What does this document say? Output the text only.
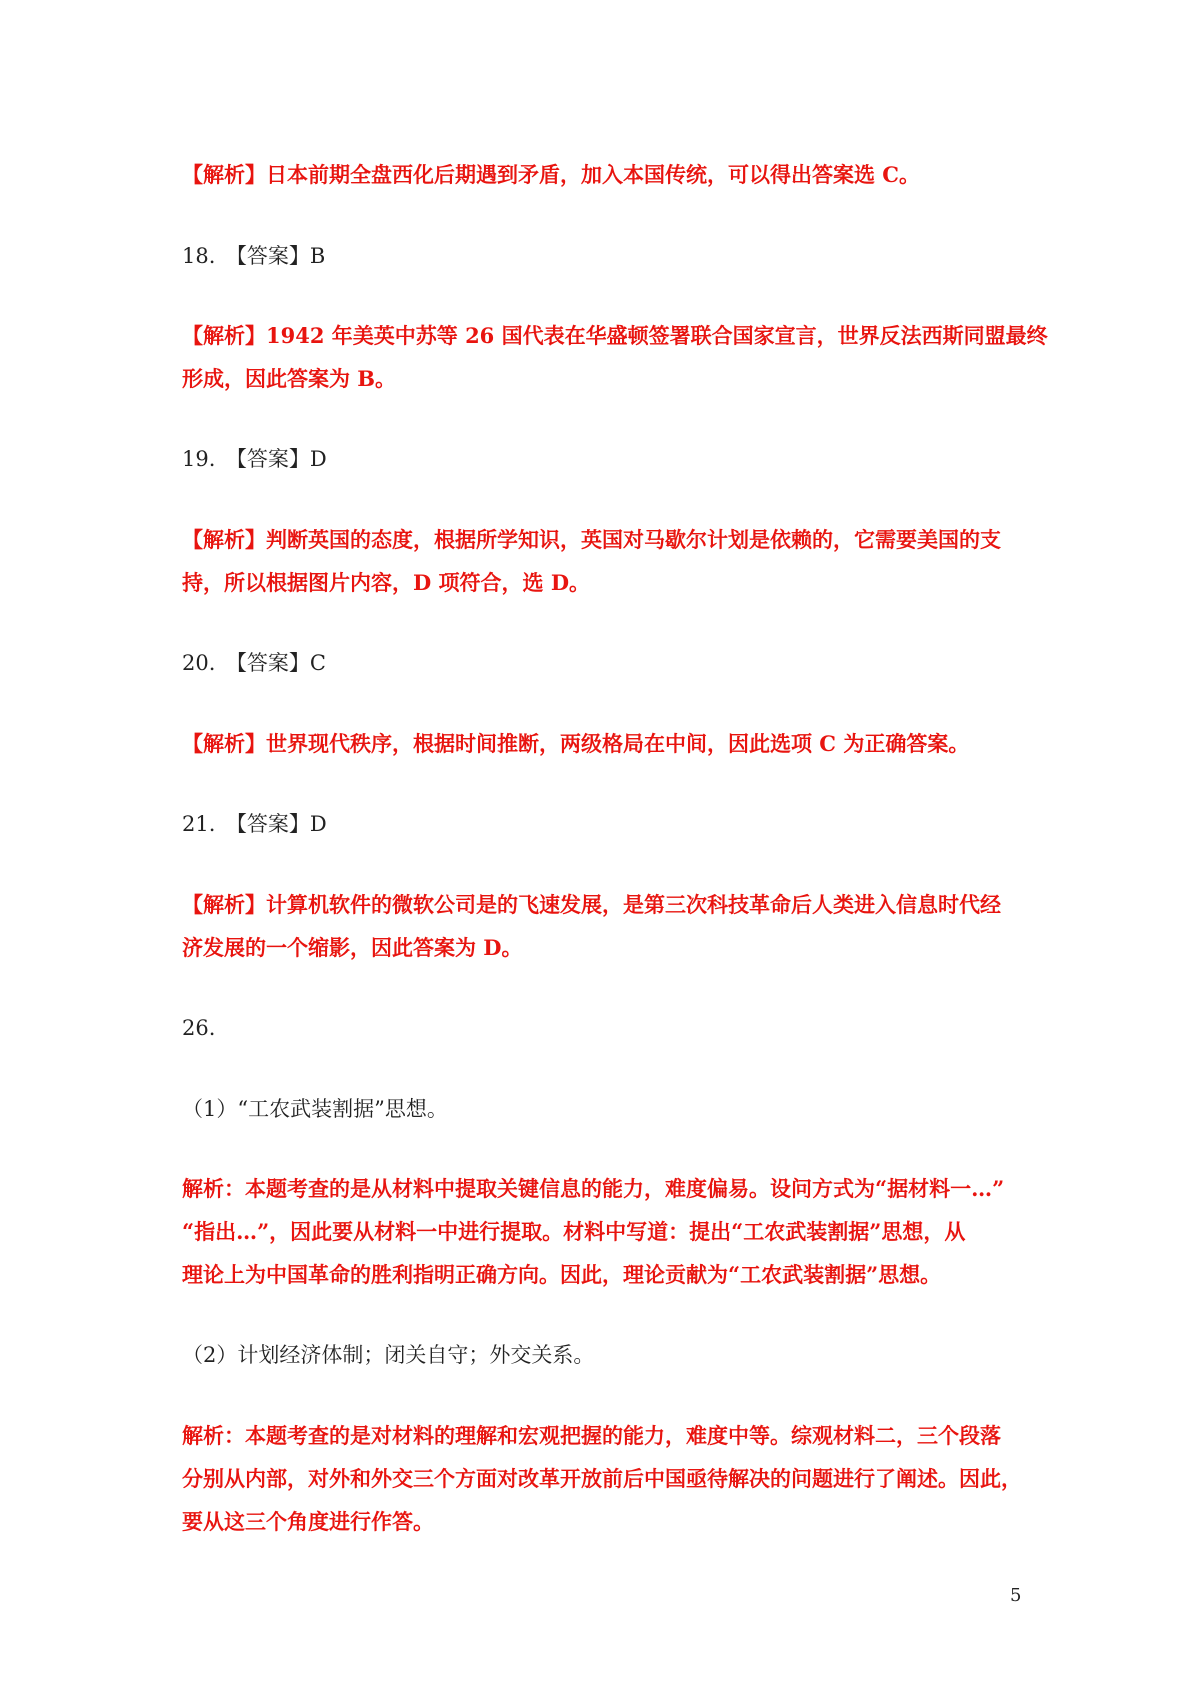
【解析】日本前期全盘西化后期遇到矛盾，加入本国传统，可以得出答案选 C。
18.　【答案】B
【解析】1942 年美英中苏等 26 国代表在华盛顿签署联合国家宣言，世界反法西斯同盟最终
形成，因此答案为 B。
19.　【答案】D
【解析】判断英国的态度，根据所学知识，英国对马歇尔计划是依赖的，它需要美国的支
持，所以根据图片内容，D 项符合，选 D。
20.　【答案】C
【解析】世界现代秩序，根据时间推断，两级格局在中间，因此选项 C 为正确答案。
21.　【答案】D
【解析】计算机软件的微软公司是的飞速发展，是第三次科技革命后人类进入信息时代经
济发展的一个缩影，因此答案为 D。
26.
（1）“工农武装割据”思想。
解析：本题考查的是从材料中提取关键信息的能力，难度偏易。设问方式为“据材料一…”
“指出…”，因此要从材料一中进行提取。材料中写道：提出“工农武装割据”思想，从
理论上为中国革命的胜利指明正确方向。因此，理论贡献为“工农武装割据”思想。
（2）计划经济体制；闭关自守；外交关系。
解析：本题考查的是对材料的理解和宏观把握的能力，难度中等。综观材料二，三个段落
分别从内部，对外和外交三个方面对改革开放前后中国亟待解决的问题进行了阐述。因此，
要从这三个角度进行作答。
5
